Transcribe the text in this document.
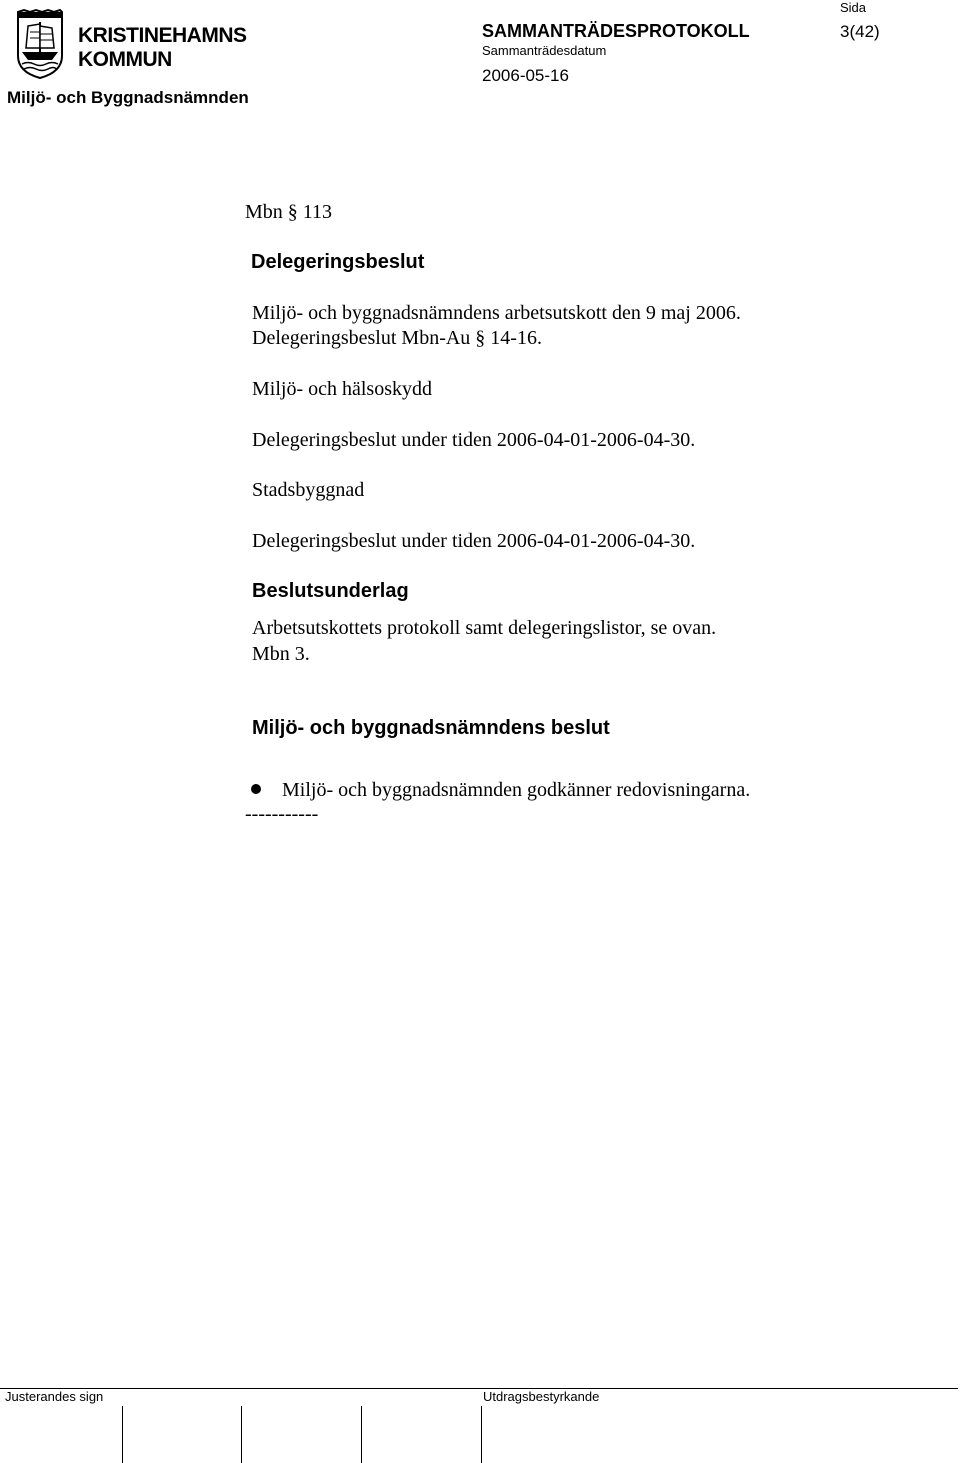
KRISTINEHAMNS
KOMMUN
Miljö- och Byggnadsnämnden
SAMMANTRÄDESPROTOKOLL
Sida
3(42)
Sammanträdesdatum
2006-05-16
Mbn § 113
Delegeringsbeslut
Miljö- och byggnadsnämndens arbetsutskott den 9 maj 2006.
Delegeringsbeslut Mbn-Au § 14-16.
Miljö- och hälsoskydd
Delegeringsbeslut under tiden 2006-04-01-2006-04-30.
Stadsbyggnad
Delegeringsbeslut under tiden 2006-04-01-2006-04-30.
Beslutsunderlag
Arbetsutskottets protokoll samt delegeringslistor, se ovan.
Mbn 3.
Miljö- och byggnadsnämndens beslut
Miljö- och byggnadsnämnden godkänner redovisningarna.
-----------
Justerandes sign	Utdragsbestyrkande
